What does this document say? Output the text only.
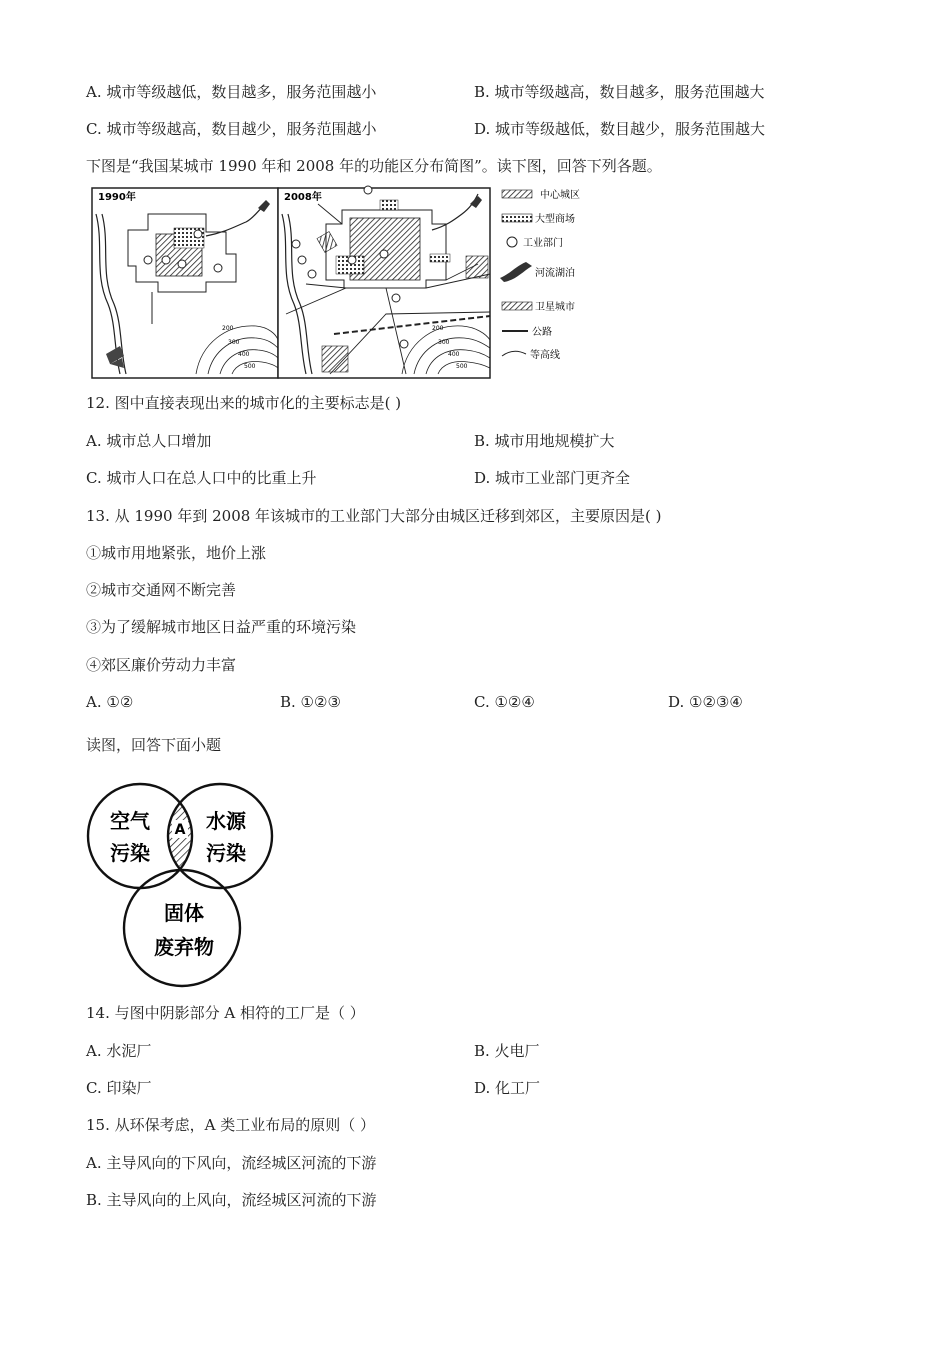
A. 城市等级越低，数目越多，服务范围越小	B. 城市等级越高，数目越多，服务范围越大
C. 城市等级越高，数目越少，服务范围越小	D. 城市等级越低，数目越少，服务范围越大
下图是“我国某城市 1990 年和 2008 年的功能区分布简图”。读下图，回答下列各题。
1990年
200
300
400
500
2008年
200
300
400
500
中心城区
大型商场
工业部门
河流湖泊
卫星城市
公路
等高线
12. 图中直接表现出来的城市化的主要标志是( )
A. 城市总人口增加	B. 城市用地规模扩大
C. 城市人口在总人口中的比重上升	D. 城市工业部门更齐全
13. 从 1990 年到 2008 年该城市的工业部门大部分由城区迁移到郊区，主要原因是( )
①城市用地紧张，地价上涨
②城市交通网不断完善
③为了缓解城市地区日益严重的环境污染
④郊区廉价劳动力丰富
A. ①②	B. ①②③	C. ①②④	D. ①②③④
读图，回答下面小题
A
空气
污染
水源
污染
固体
废弃物
14. 与图中阴影部分 A 相符的工厂是（ ）
A. 水泥厂	B. 火电厂
C. 印染厂	D. 化工厂
15. 从环保考虑，A 类工业布局的原则（ ）
A. 主导风向的下风向，流经城区河流的下游
B. 主导风向的上风向，流经城区河流的下游
